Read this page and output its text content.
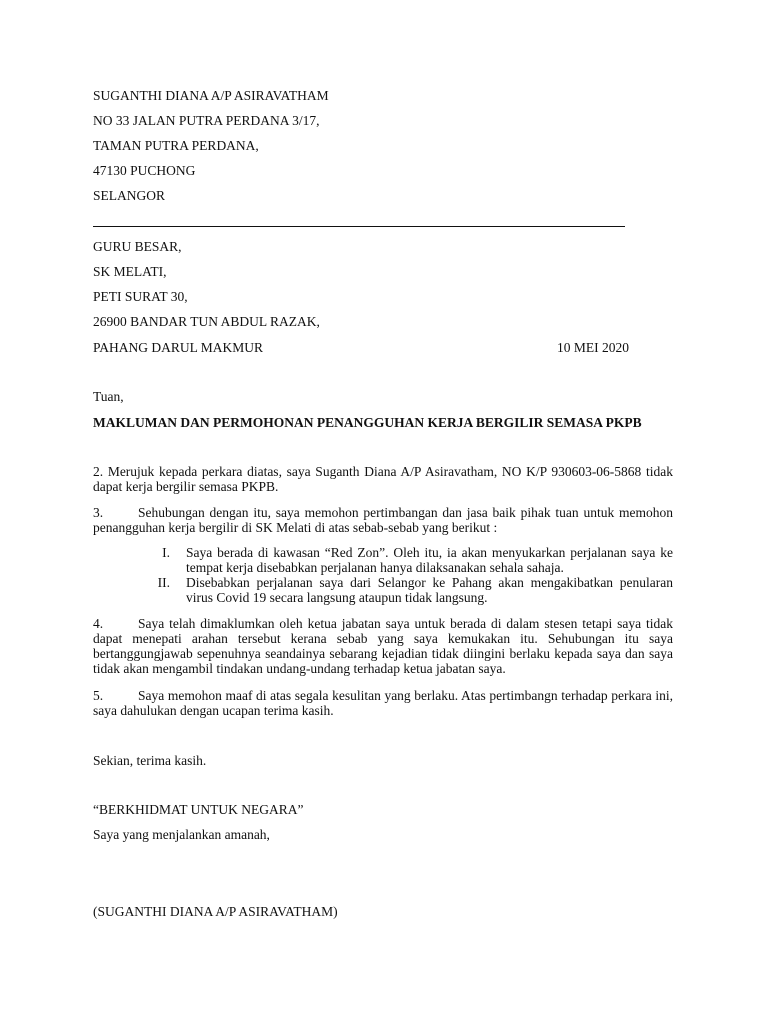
SUGANTHI DIANA A/P ASIRAVATHAM
NO 33 JALAN PUTRA PERDANA 3/17,
TAMAN PUTRA PERDANA,
47130 PUCHONG
SELANGOR
GURU BESAR,
SK MELATI,
PETI SURAT 30,
26900 BANDAR TUN ABDUL RAZAK,
PAHANG DARUL MAKMUR	10 MEI 2020
Tuan,
MAKLUMAN DAN PERMOHONAN PENANGGUHAN KERJA BERGILIR SEMASA PKPB
2. Merujuk kepada perkara diatas, saya Suganth Diana A/P Asiravatham, NO K/P 930603-06-5868 tidak dapat kerja bergilir semasa PKPB.
3.	Sehubungan dengan itu, saya memohon pertimbangan dan jasa baik pihak tuan untuk memohon penangguhan kerja bergilir di SK Melati di atas sebab-sebab yang berikut :
I. Saya berada di kawasan “Red Zon”. Oleh itu, ia akan menyukarkan perjalanan saya ke tempat kerja disebabkan perjalanan hanya dilaksanakan sehala sahaja.
II. Disebabkan perjalanan saya dari Selangor ke Pahang akan mengakibatkan penularan virus Covid 19 secara langsung ataupun tidak langsung.
4.	Saya telah dimaklumkan oleh ketua jabatan saya untuk berada di dalam stesen tetapi saya tidak dapat menepati arahan tersebut kerana sebab yang saya kemukakan itu. Sehubungan itu saya bertanggungjawab sepenuhnya seandainya sebarang kejadian tidak diingini berlaku kepada saya dan saya tidak akan mengambil tindakan undang-undang terhadap ketua jabatan saya.
5.	Saya memohon maaf di atas segala kesulitan yang berlaku. Atas pertimbangn terhadap perkara ini, saya dahulukan dengan ucapan terima kasih.
Sekian, terima kasih.
“BERKHIDMAT UNTUK NEGARA”
Saya yang menjalankan amanah,
(SUGANTHI DIANA A/P ASIRAVATHAM)
